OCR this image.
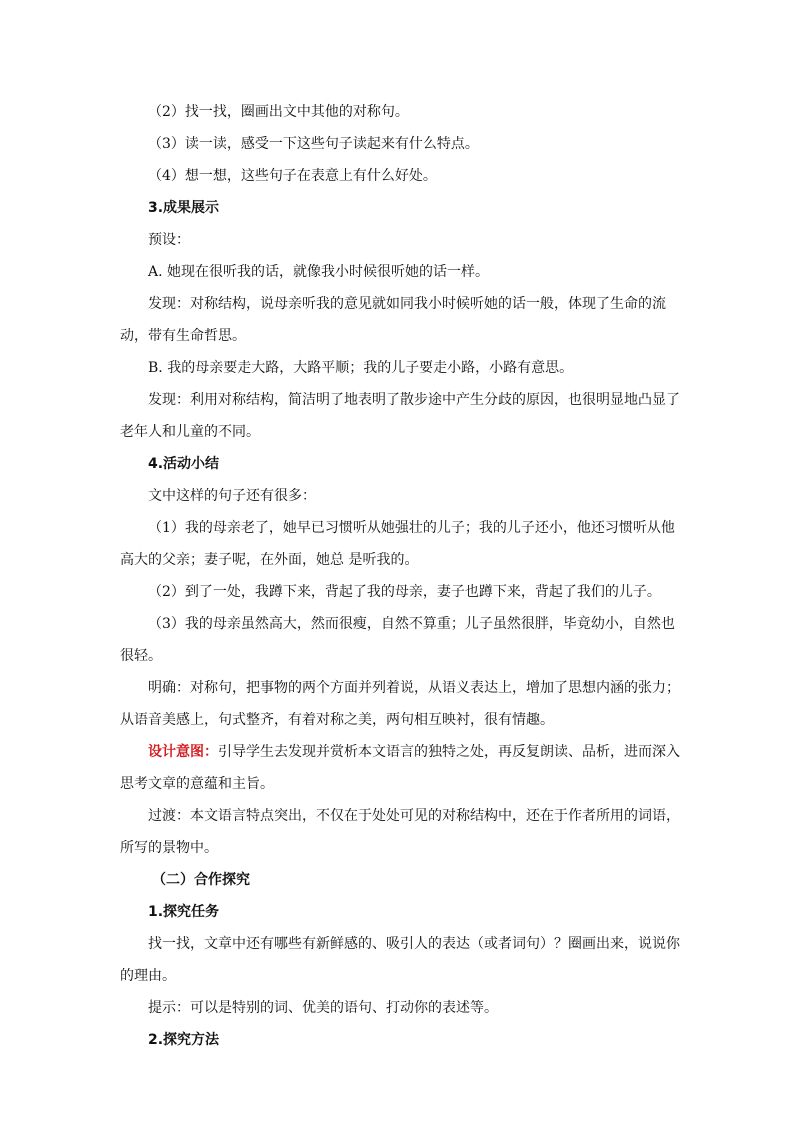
（2）找一找，圈画出文中其他的对称句。

（3）读一读，感受一下这些句子读起来有什么特点。

（4）想一想，这些句子在表意上有什么好处。

3.成果展示

预设：

A. 她现在很听我的话，就像我小时候很听她的话一样。

发现：对称结构，说母亲听我的意见就如同我小时候听她的话一般，体现了生命的流动，带有生命哲思。

B. 我的母亲要走大路，大路平顺；我的儿子要走小路，小路有意思。

发现：利用对称结构，简洁明了地表明了散步途中产生分歧的原因，也很明显地凸显了老年人和儿童的不同。

4.活动小结

文中这样的句子还有很多：

（1）我的母亲老了，她早已习惯听从她强壮的儿子；我的儿子还小，他还习惯听从他高大的父亲；妻子呢，在外面，她总 是听我的。

（2）到了一处，我蹲下来，背起了我的母亲，妻子也蹲下来，背起了我们的儿子。

（3）我的母亲虽然高大，然而很瘦，自然不算重；儿子虽然很胖，毕竟幼小，自然也很轻。

明确：对称句，把事物的两个方面并列着说，从语义表达上，增加了思想内涵的张力；从语音美感上，句式整齐，有着对称之美，两句相互映衬，很有情趣。

设计意图：引导学生去发现并赏析本文语言的独特之处，再反复朗读、品析，进而深入思考文章的意蕴和主旨。

过渡：本文语言特点突出，不仅在于处处可见的对称结构中，还在于作者所用的词语，所写的景物中。

（二）合作探究

1.探究任务

找一找，文章中还有哪些有新鲜感的、吸引人的表达（或者词句）？圈画出来，说说你的理由。

提示：可以是特别的词、优美的语句、打动你的表述等。

2.探究方法
